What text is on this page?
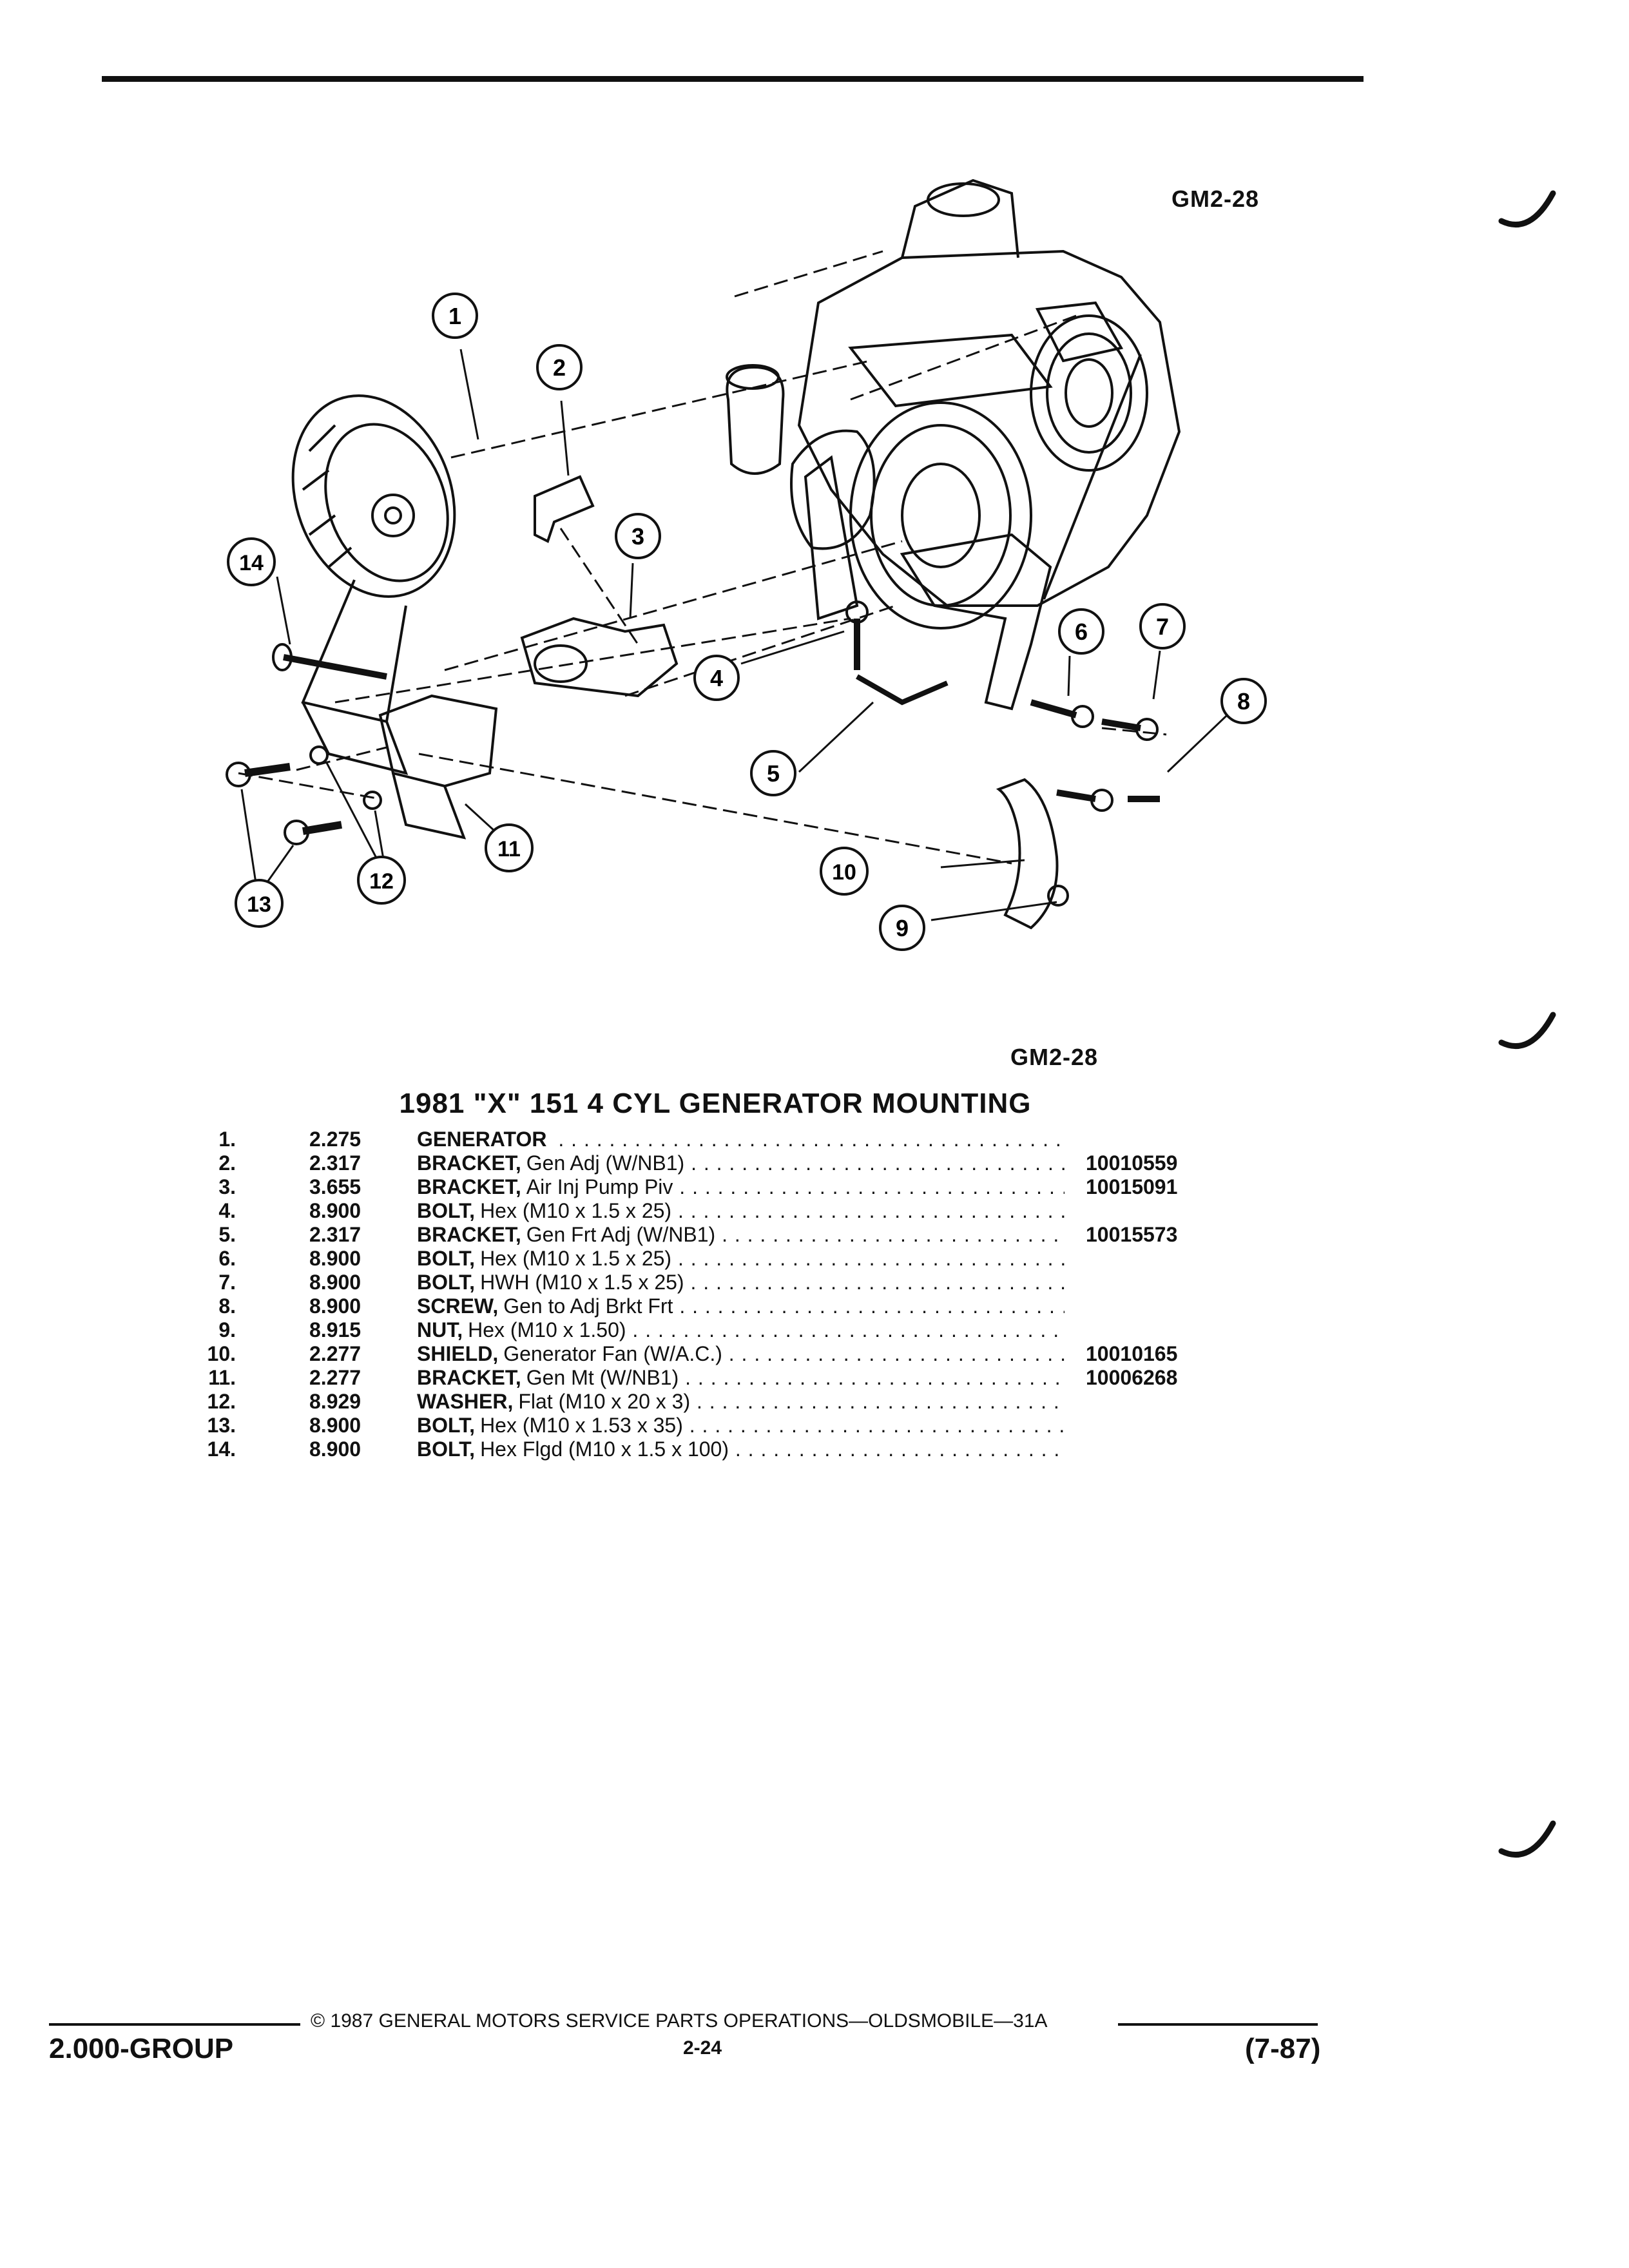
GM2-28
GM2-28
1
2
3
4
5
6	7
8
9
10
11
12
13
14
1981 "X" 151 4 CYL GENERATOR MOUNTING
1.	2.275	GENERATOR . . .
2.	2.317	BRACKET, Gen Adj (W/NB1) . . .	10010559
3.	3.655	BRACKET, Air Inj Pump Piv . . .	10015091
4.	8.900	BOLT, Hex (M10 x 1.5 x 25) . . .
5.	2.317	BRACKET, Gen Frt Adj (W/NB1) . . .	10015573
6.	8.900	BOLT, Hex (M10 x 1.5 x 25) . . .
7.	8.900	BOLT, HWH (M10 x 1.5 x 25) . . .
8.	8.900	SCREW, Gen to Adj Brkt Frt . . .
9.	8.915	NUT, Hex (M10 x 1.50) . . .
10.	2.277	SHIELD, Generator Fan (W/A.C.) . . .	10010165
11.	2.277	BRACKET, Gen Mt (W/NB1) . . .	10006268
12.	8.929	WASHER, Flat (M10 x 20 x 3) . . .
13.	8.900	BOLT, Hex (M10 x 1.53 x 35) . . .
14.	8.900	BOLT, Hex Flgd (M10 x 1.5 x 100) . . .
© 1987 GENERAL MOTORS SERVICE PARTS OPERATIONS—OLDSMOBILE—31A
2.000-GROUP	2-24	(7-87)
